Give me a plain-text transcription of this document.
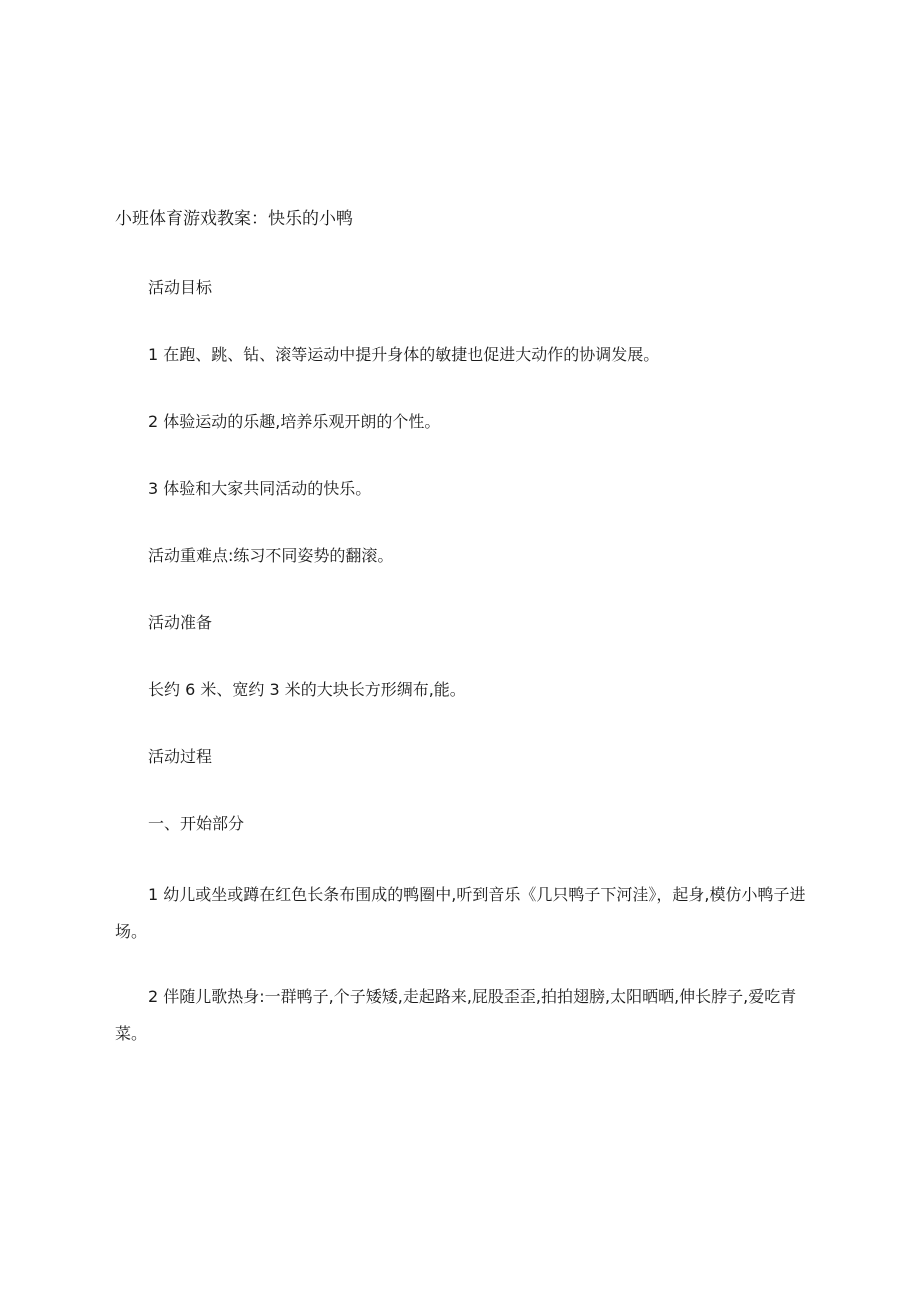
小班体育游戏教案：快乐的小鸭
活动目标
1 在跑、跳、钻、滚等运动中提升身体的敏捷也促进大动作的协调发展。
2 体验运动的乐趣,培养乐观开朗的个性。
3 体验和大家共同活动的快乐。
活动重难点:练习不同姿势的翻滚。
活动准备
长约 6 米、宽约 3 米的大块长方形绸布,能。
活动过程
一、开始部分
1 幼儿或坐或蹲在红色长条布围成的鸭圈中,听到音乐《几只鸭子下河洼》，起身,模仿小鸭子进场。
2 伴随儿歌热身:一群鸭子,个子矮矮,走起路来,屁股歪歪,拍拍翅膀,太阳晒晒,伸长脖子,爱吃青菜。
